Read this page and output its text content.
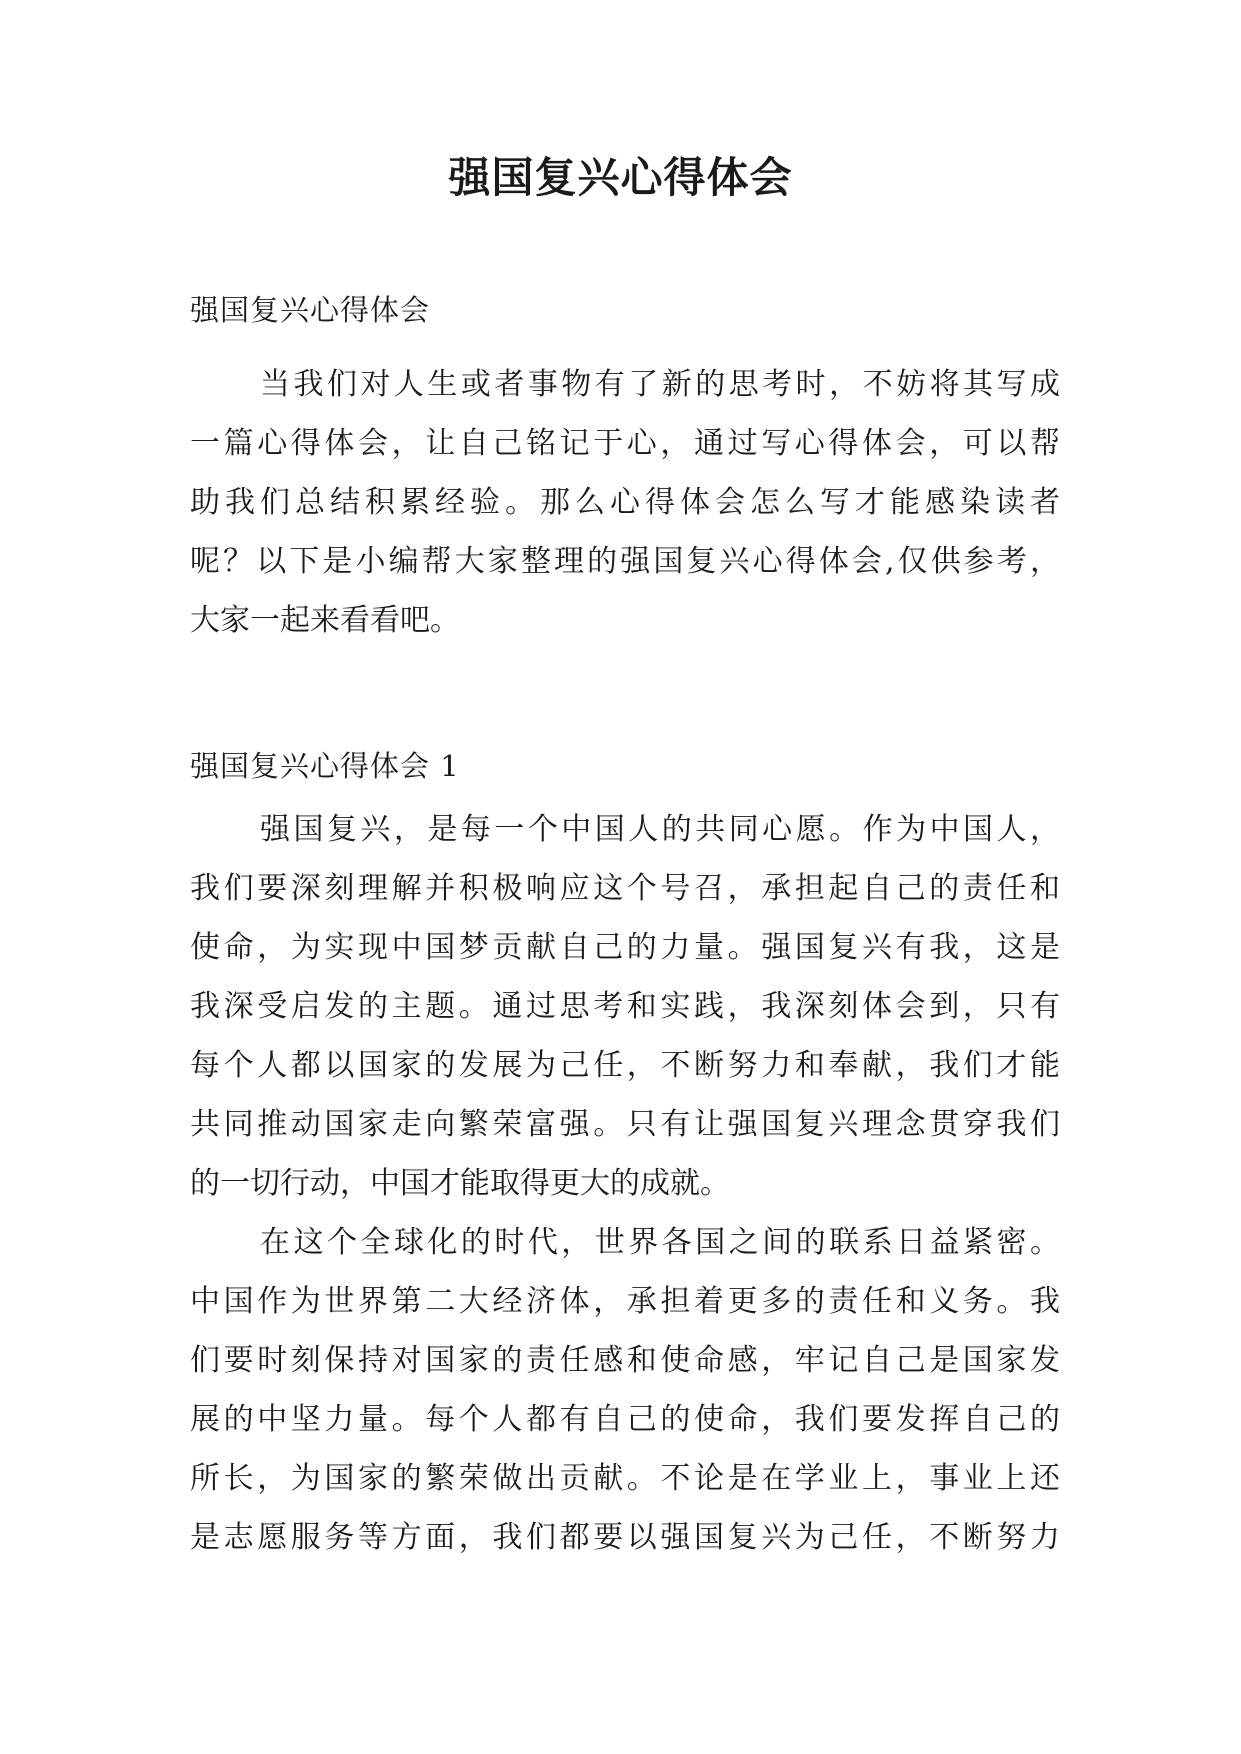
强国复兴心得体会

强国复兴心得体会

当我们对人生或者事物有了新的思考时，不妨将其写成
一篇心得体会，让自己铭记于心，通过写心得体会，可以帮
助我们总结积累经验。那么心得体会怎么写才能感染读者
呢？以下是小编帮大家整理的强国复兴心得体会,仅供参考，
大家一起来看看吧。

强国复兴心得体会 1

强国复兴，是每一个中国人的共同心愿。作为中国人，
我们要深刻理解并积极响应这个号召，承担起自己的责任和
使命，为实现中国梦贡献自己的力量。强国复兴有我，这是
我深受启发的主题。通过思考和实践，我深刻体会到，只有
每个人都以国家的发展为己任，不断努力和奉献，我们才能
共同推动国家走向繁荣富强。只有让强国复兴理念贯穿我们
的一切行动，中国才能取得更大的成就。
在这个全球化的时代，世界各国之间的联系日益紧密。
中国作为世界第二大经济体，承担着更多的责任和义务。我
们要时刻保持对国家的责任感和使命感，牢记自己是国家发
展的中坚力量。每个人都有自己的使命，我们要发挥自己的
所长，为国家的繁荣做出贡献。不论是在学业上，事业上还
是志愿服务等方面，我们都要以强国复兴为己任，不断努力
